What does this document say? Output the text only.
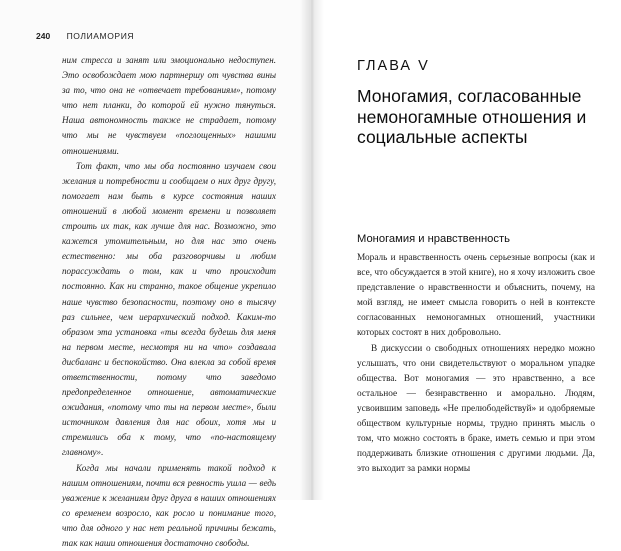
240 ПОЛИАМОРИЯ

ним стресса и занят или эмоционально недоступен. Это освобождает мою партнершу от чувства вины за то, что она не «отвечает требованиям», потому что нет планки, до которой ей нужно тянуться. Наша автономность также не страдает, потому что мы не чувствуем «поглощенных» нашими отношениями.

Тот факт, что мы оба постоянно изучаем свои желания и потребности и сообщаем о них друг другу, помогает нам быть в курсе состояния наших отношений в любой момент времени и позволяет строить их так, как лучше для нас. Возможно, это кажется утомительным, но для нас это очень естественно: мы оба разговорчивы и любим порассуждать о том, как и что происходит постоянно. Как ни странно, такое общение укрепило наше чувство безопасности, поэтому оно в тысячу раз сильнее, чем иерархический подход. Каким-то образом эта установка «ты всегда будешь для меня на первом месте, несмотря ни на что» создавала дисбаланс и беспокойство. Она влекла за собой время ответственности, потому что заведомо предопределенное отношение, автоматические ожидания, «потому что ты на первом месте», были источником давления для нас обоих, хотя мы и стремились оба к тому, что «по-настоящему главному».

Когда мы начали применять такой подход к нашим отношениям, почти вся ревность ушла — ведь уважение к желаниям друг друга в наших отношениях со временем возросло, как росло и понимание того, что для одного у нас нет реальной причины бежать, так как наши отношения достаточно свободы.

ГЛАВА V
Моногамия, согласованные немоногамные отношения и социальные аспекты
Моногамия и нравственность

Мораль и нравственность очень серьезные вопросы (как и все, что обсуждается в этой книге), но я хочу изложить свое представление о нравственности и объяснить, почему, на мой взгляд, не имеет смысла говорить о ней в контексте согласованных немоногамных отношений, участники которых состоят в них добровольно.

В дискуссии о свободных отношениях нередко можно услышать, что они свидетельствуют о моральном упадке общества. Вот моногамия — это нравственно, а все остальное — безнравственно и аморально. Людям, усвоившим заповедь «Не прелюбодействуй» и одобряемые обществом культурные нормы, трудно принять мысль о том, что можно состоять в браке, иметь семью и при этом поддерживать близкие отношения с другими людьми. Да, это выходит за рамки нормы
